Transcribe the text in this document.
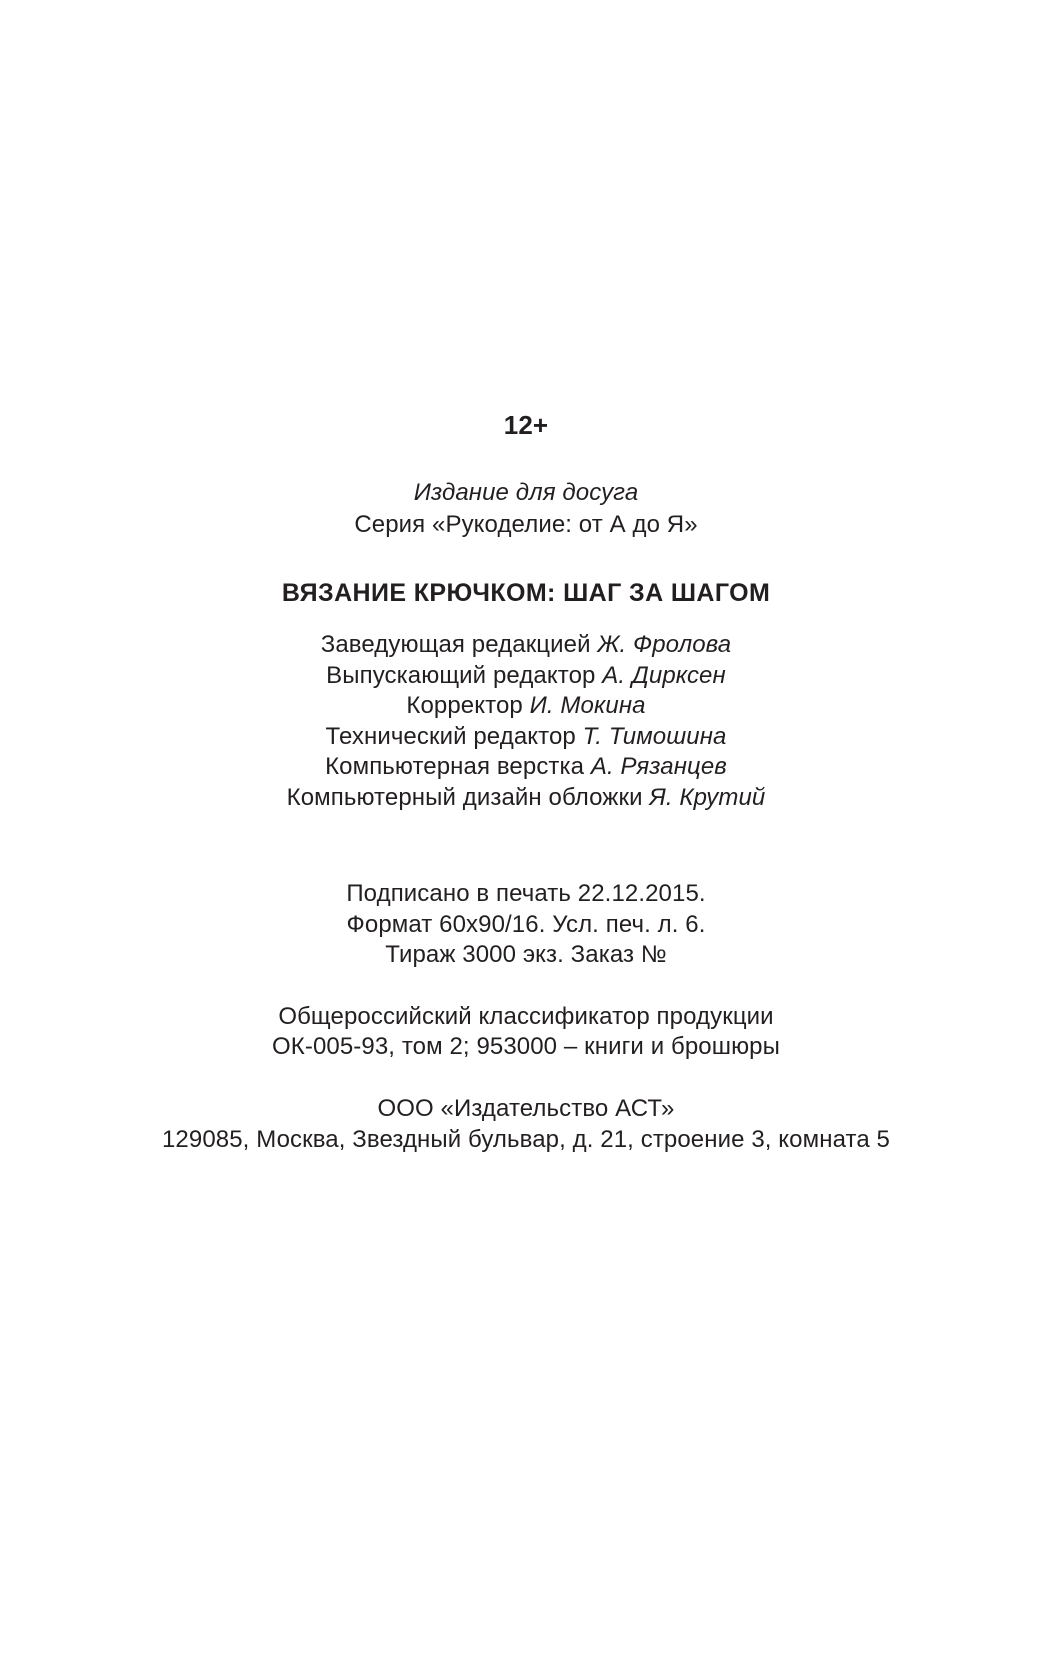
12+
Издание для досуга
Серия «Рукоделие: от А до Я»
ВЯЗАНИЕ КРЮЧКОМ: ШАГ ЗА ШАГОМ
Заведующая редакцией Ж. Фролова
Выпускающий редактор А. Дирксен
Корректор И. Мокина
Технический редактор Т. Тимошина
Компьютерная верстка А. Рязанцев
Компьютерный дизайн обложки Я. Крутий
Подписано в печать 22.12.2015.
Формат 60x90/16. Усл. печ. л. 6.
Тираж 3000 экз. Заказ №
Общероссийский классификатор продукции
ОК-005-93, том 2; 953000 – книги и брошюры
ООО «Издательство АСТ»
129085, Москва, Звездный бульвар, д. 21, строение 3, комната 5
